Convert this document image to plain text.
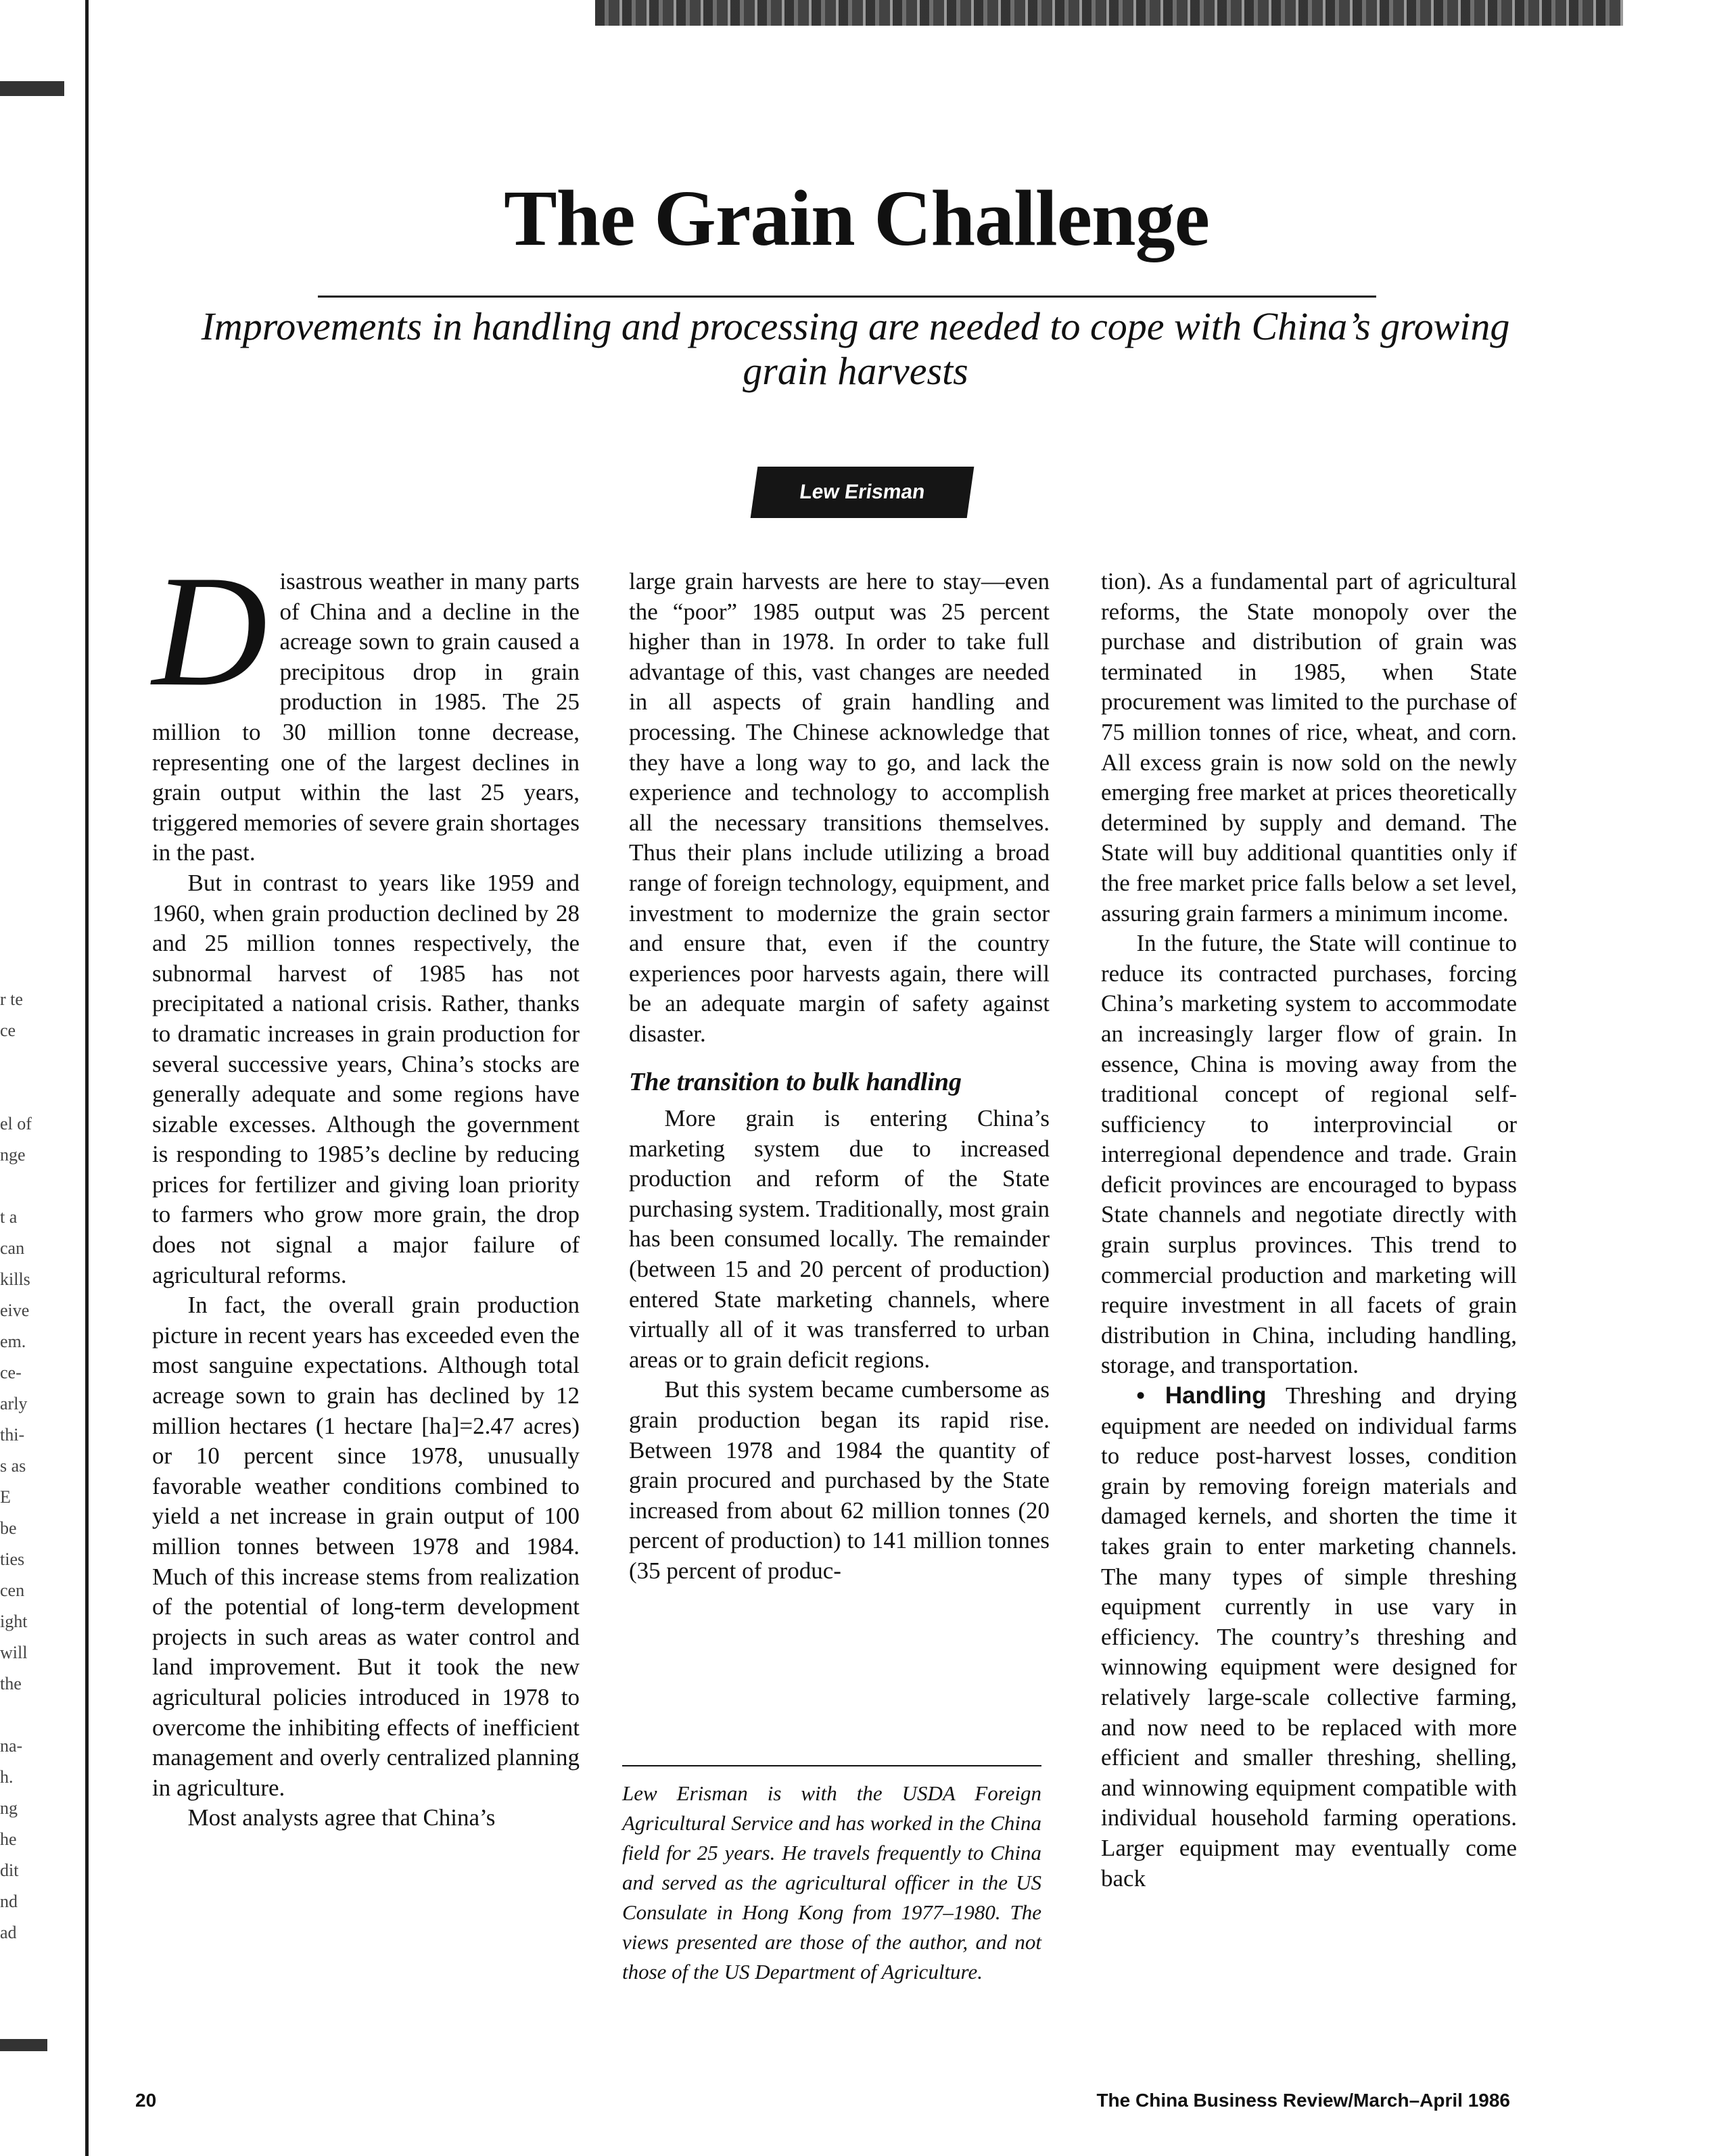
r te
ce

el of
nge

t a
can
kills
eive
em.
ce-
arly
thi-
s as
E
be
ties
cen
ight
will
the

na-
h.
ng
he
dit
nd
ad
The Grain Challenge

Improvements in handling and processing are needed to cope with China’s growing grain harvests

Lew Erisman

Disastrous weather in many parts of China and a decline in the acreage sown to grain caused a precipitous drop in grain production in 1985. The 25 million to 30 million tonne decrease, representing one of the largest declines in grain output within the last 25 years, triggered memories of severe grain shortages in the past.

But in contrast to years like 1959 and 1960, when grain production declined by 28 and 25 million tonnes respectively, the subnormal harvest of 1985 has not precipitated a national crisis. Rather, thanks to dramatic increases in grain production for several successive years, China’s stocks are generally adequate and some regions have sizable excesses. Although the government is responding to 1985’s decline by reducing prices for fertilizer and giving loan priority to farmers who grow more grain, the drop does not signal a major failure of agricultural reforms.

In fact, the overall grain production picture in recent years has exceeded even the most sanguine expectations. Although total acreage sown to grain has declined by 12 million hectares (1 hectare [ha]=2.47 acres) or 10 percent since 1978, unusually favorable weather conditions combined to yield a net increase in grain output of 100 million tonnes between 1978 and 1984. Much of this increase stems from realization of the potential of long-term development projects in such areas as water control and land improvement. But it took the new agricultural policies introduced in 1978 to overcome the inhibiting effects of inefficient management and overly centralized planning in agriculture.

Most analysts agree that China’s

large grain harvests are here to stay—even the “poor” 1985 output was 25 percent higher than in 1978. In order to take full advantage of this, vast changes are needed in all aspects of grain handling and processing. The Chinese acknowledge that they have a long way to go, and lack the experience and technology to accomplish all the necessary transitions themselves. Thus their plans include utilizing a broad range of foreign technology, equipment, and investment to modernize the grain sector and ensure that, even if the country experiences poor harvests again, there will be an adequate margin of safety against disaster.

The transition to bulk handling

More grain is entering China’s marketing system due to increased production and reform of the State purchasing system. Traditionally, most grain has been consumed locally. The remainder (between 15 and 20 percent of production) entered State marketing channels, where virtually all of it was transferred to urban areas or to grain deficit regions.

But this system became cumbersome as grain production began its rapid rise. Between 1978 and 1984 the quantity of grain procured and purchased by the State increased from about 62 million tonnes (20 percent of production) to 141 million tonnes (35 percent of produc-

Lew Erisman is with the USDA Foreign Agricultural Service and has worked in the China field for 25 years. He travels frequently to China and served as the agricultural officer in the US Consulate in Hong Kong from 1977–1980. The views presented are those of the author, and not those of the US Department of Agriculture.

tion). As a fundamental part of agricultural reforms, the State monopoly over the purchase and distribution of grain was terminated in 1985, when State procurement was limited to the purchase of 75 million tonnes of rice, wheat, and corn. All excess grain is now sold on the newly emerging free market at prices theoretically determined by supply and demand. The State will buy additional quantities only if the free market price falls below a set level, assuring grain farmers a minimum income.

In the future, the State will continue to reduce its contracted purchases, forcing China’s marketing system to accommodate an increasingly larger flow of grain. In essence, China is moving away from the traditional concept of regional self-sufficiency to interprovincial or interregional dependence and trade. Grain deficit provinces are encouraged to bypass State channels and negotiate directly with grain surplus provinces. This trend to commercial production and marketing will require investment in all facets of grain distribution in China, including handling, storage, and transportation.

• Handling Threshing and drying equipment are needed on individual farms to reduce post-harvest losses, condition grain by removing foreign materials and damaged kernels, and shorten the time it takes grain to enter marketing channels. The many types of simple threshing equipment currently in use vary in efficiency. The country’s threshing and winnowing equipment were designed for relatively large-scale collective farming, and now need to be replaced with more efficient and smaller threshing, shelling, and winnowing equipment compatible with individual household farming operations. Larger equipment may eventually come back

20	The China Business Review/March–April 1986
